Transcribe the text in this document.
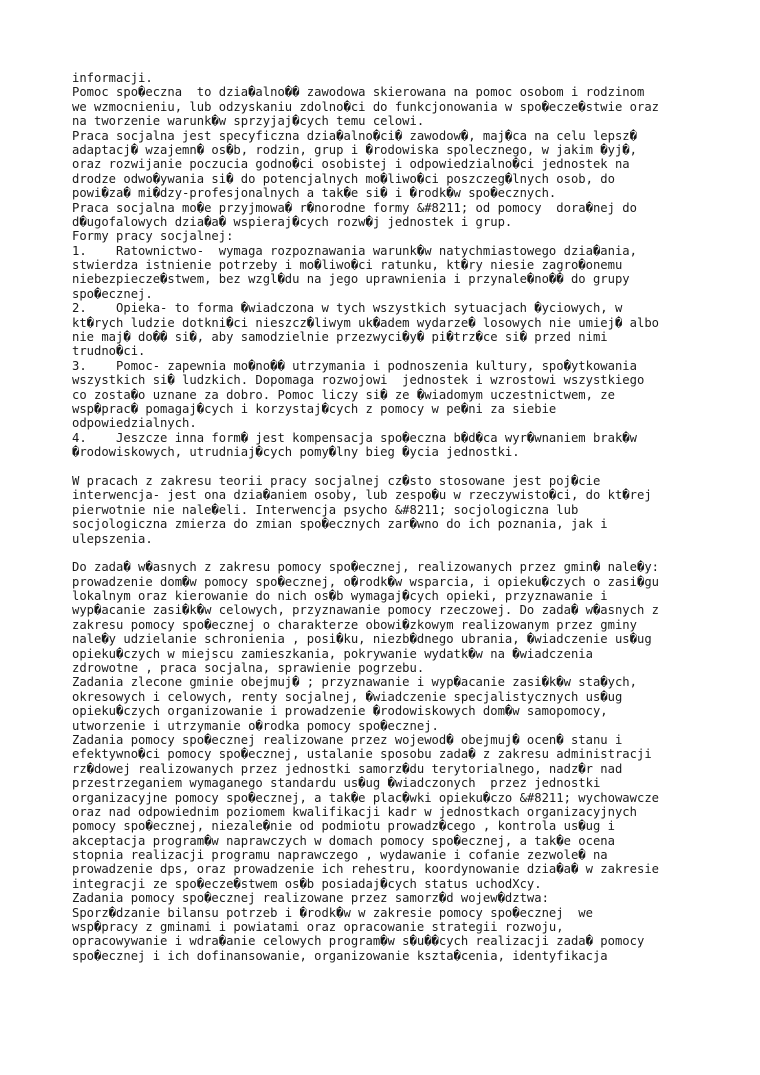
informacji.
Pomoc spo�eczna  to dzia�alno�� zawodowa skierowana na pomoc osobom i rodzinom
we wzmocnieniu, lub odzyskaniu zdolno�ci do funkcjonowania w spo�ecze�stwie oraz
na tworzenie warunk�w sprzyjaj�cych temu celowi.
Praca socjalna jest specyficzna dzia�alno�ci� zawodow�, maj�ca na celu lepsz�
adaptacj� wzajemn� os�b, rodzin, grup i �rodowiska spolecznego, w jakim �yj�,
oraz rozwijanie poczucia godno�ci osobistej i odpowiedzialno�ci jednostek na
drodze odwo�ywania si� do potencjalnych mo�liwo�ci poszczeg�lnych osob, do
powi�za� mi�dzy-profesjonalnych a tak�e si� i �rodk�w spo�ecznych.
Praca socjalna mo�e przyjmowa� r�norodne formy &#8211; od pomocy  dora�nej do
d�ugofalowych dzia�a� wspieraj�cych rozw�j jednostek i grup.
Formy pracy socjalnej:
1.    Ratownictwo-  wymaga rozpoznawania warunk�w natychmiastowego dzia�ania,
stwierdza istnienie potrzeby i mo�liwo�ci ratunku, kt�ry niesie zagro�onemu
niebezpiecze�stwem, bez wzgl�du na jego uprawnienia i przynale�no�� do grupy
spo�ecznej.
2.    Opieka- to forma �wiadczona w tych wszystkich sytuacjach �yciowych, w
kt�rych ludzie dotkni�ci nieszcz�liwym uk�adem wydarze� losowych nie umiej� albo
nie maj� do�� si�, aby samodzielnie przezwyci�y� pi�trz�ce si� przed nimi
trudno�ci.
3.    Pomoc- zapewnia mo�no�� utrzymania i podnoszenia kultury, spo�ytkowania
wszystkich si� ludzkich. Dopomaga rozwojowi  jednostek i wzrostowi wszystkiego
co zosta�o uznane za dobro. Pomoc liczy si� ze �wiadomym uczestnictwem, ze
wsp�prac� pomagaj�cych i korzystaj�cych z pomocy w pe�ni za siebie
odpowiedzialnych.
4.    Jeszcze inna form� jest kompensacja spo�eczna b�d�ca wyr�wnaniem brak�w
�rodowiskowych, utrudniaj�cych pomy�lny bieg �ycia jednostki.
W pracach z zakresu teorii pracy socjalnej cz�sto stosowane jest poj�cie
interwencja- jest ona dzia�aniem osoby, lub zespo�u w rzeczywisto�ci, do kt�rej
pierwotnie nie nale�eli. Interwencja psycho &#8211; socjologiczna lub
socjologiczna zmierza do zmian spo�ecznych zar�wno do ich poznania, jak i
ulepszenia.
Do zada� w�asnych z zakresu pomocy spo�ecznej, realizowanych przez gmin� nale�y:
prowadzenie dom�w pomocy spo�ecznej, o�rodk�w wsparcia, i opieku�czych o zasi�gu
lokalnym oraz kierowanie do nich os�b wymagaj�cych opieki, przyznawanie i
wyp�acanie zasi�k�w celowych, przyznawanie pomocy rzeczowej. Do zada� w�asnych z
zakresu pomocy spo�ecznej o charakterze obowi�zkowym realizowanym przez gminy
nale�y udzielanie schronienia , posi�ku, niezb�dnego ubrania, �wiadczenie us�ug
opieku�czych w miejscu zamieszkania, pokrywanie wydatk�w na �wiadczenia
zdrowotne , praca socjalna, sprawienie pogrzebu.
Zadania zlecone gminie obejmuj� ; przyznawanie i wyp�acanie zasi�k�w sta�ych,
okresowych i celowych, renty socjalnej, �wiadczenie specjalistycznych us�ug
opieku�czych organizowanie i prowadzenie �rodowiskowych dom�w samopomocy,
utworzenie i utrzymanie o�rodka pomocy spo�ecznej.
Zadania pomocy spo�ecznej realizowane przez wojewod� obejmuj� ocen� stanu i
efektywno�ci pomocy spo�ecznej, ustalanie sposobu zada� z zakresu administracji
rz�dowej realizowanych przez jednostki samorz�du terytorialnego, nadz�r nad
przestrzeganiem wymaganego standardu us�ug �wiadczonych  przez jednostki
organizacyjne pomocy spo�ecznej, a tak�e plac�wki opieku�czo &#8211; wychowawcze
oraz nad odpowiednim poziomem kwalifikacji kadr w jednostkach organizacyjnych
pomocy spo�ecznej, niezale�nie od podmiotu prowadz�cego , kontrola us�ug i
akceptacja program�w naprawczych w domach pomocy spo�ecznej, a tak�e ocena
stopnia realizacji programu naprawczego , wydawanie i cofanie zezwole� na
prowadzenie dps, oraz prowadzenie ich rehestru, koordynowanie dzia�a� w zakresie
integracji ze spo�ecze�stwem os�b posiadaj�cych status uchodXcy.
Zadania pomocy spo�ecznej realizowane przez samorz�d wojew�dztwa:
Sporz�dzanie bilansu potrzeb i �rodk�w w zakresie pomocy spo�ecznej  we
wsp�pracy z gminami i powiatami oraz opracowanie strategii rozwoju,
opracowywanie i wdra�anie celowych program�w s�u��cych realizacji zada� pomocy
spo�ecznej i ich dofinansowanie, organizowanie kszta�cenia, identyfikacja
